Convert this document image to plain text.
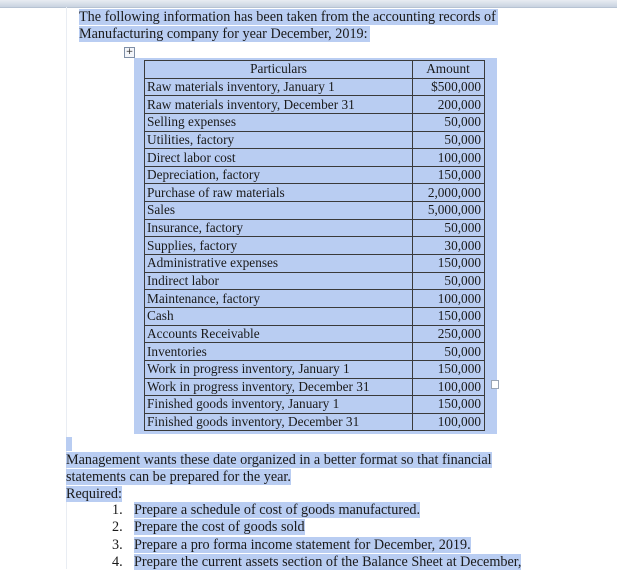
The following information has been taken from the accounting records of
Manufacturing company for year December, 2019:
+
Particulars	Amount
Raw materials inventory, January 1	$500,000
Raw materials inventory, December 31	200,000
Selling expenses	50,000
Utilities, factory	50,000
Direct labor cost	100,000
Depreciation, factory	150,000
Purchase of raw materials	2,000,000
Sales	5,000,000
Insurance, factory	50,000
Supplies, factory	30,000
Administrative expenses	150,000
Indirect labor	50,000
Maintenance, factory	100,000
Cash	150,000
Accounts Receivable	250,000
Inventories	50,000
Work in progress inventory, January 1	150,000
Work in progress inventory, December 31	100,000
Finished goods inventory, January 1	150,000
Finished goods inventory, December 31	100,000
Management wants these date organized in a better format so that financial
statements can be prepared for the year.
Required:
1. Prepare a schedule of cost of goods manufactured.
2. Prepare the cost of goods sold
3. Prepare a pro forma income statement for December, 2019.
4. Prepare the current assets section of the Balance Sheet at December,
